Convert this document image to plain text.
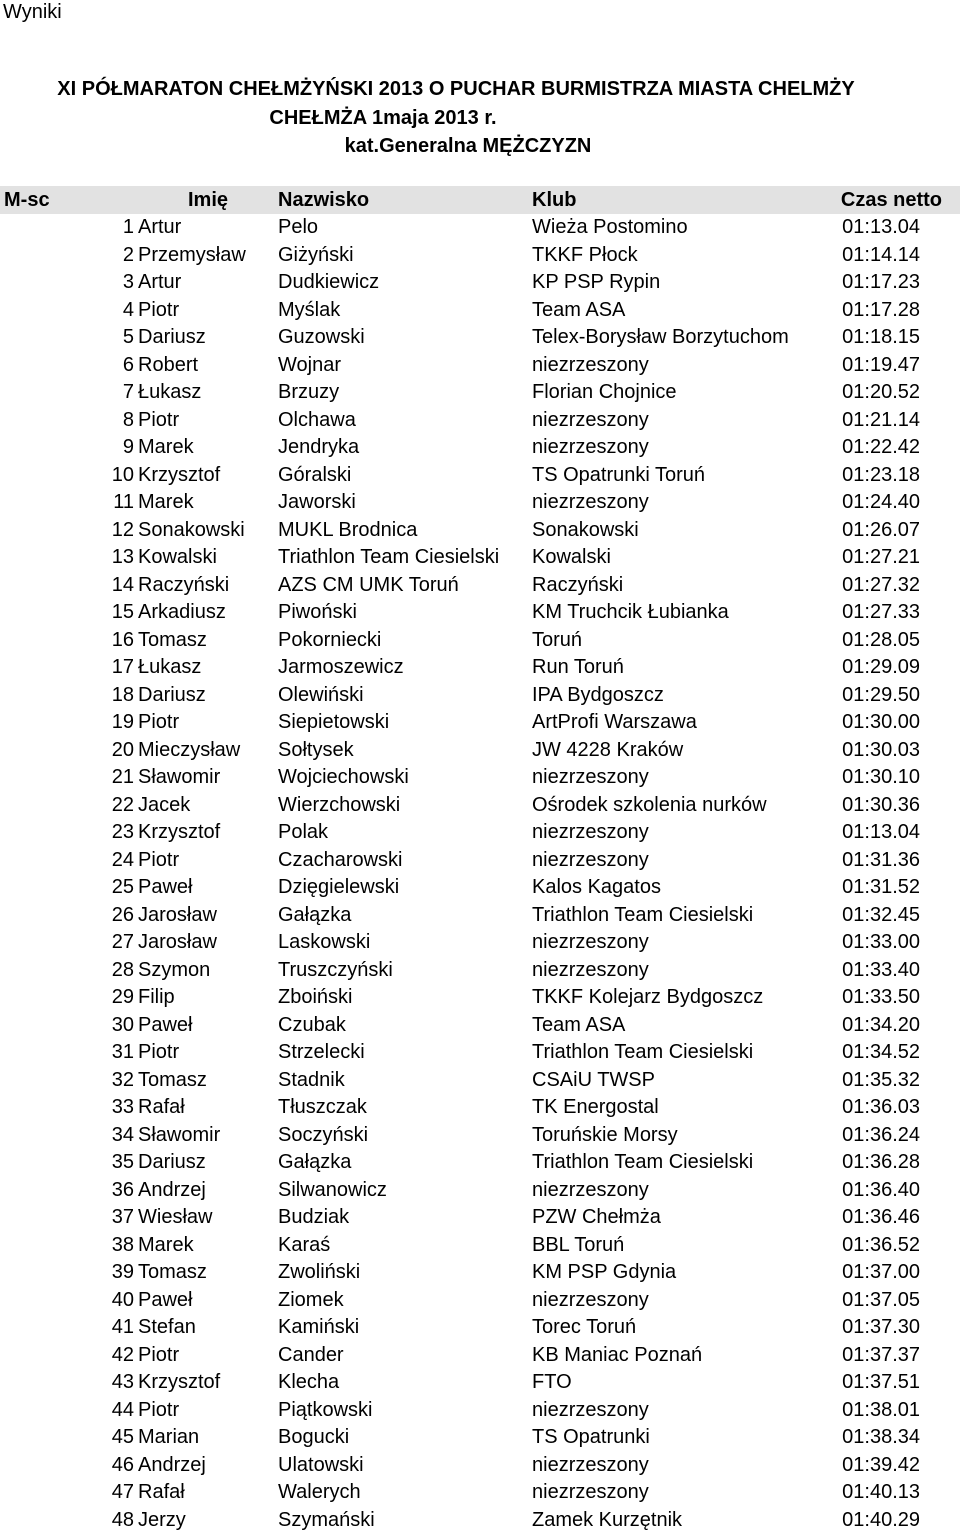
Wyniki
XI PÓŁMARATON CHEŁMŻYŃSKI 2013 O PUCHAR BURMISTRZA MIASTA CHELMŻY
CHEŁMŻA 1maja 2013 r.
kat.Generalna MĘŻCZYZN
M-sc	Imię	Nazwisko	Klub	Czas netto
1	Artur	Pelo	Wieża Postomino	01:13.04
2	Przemysław	Giżyński	TKKF Płock	01:14.14
3	Artur	Dudkiewicz	KP PSP Rypin	01:17.23
4	Piotr	Myślak	Team ASA	01:17.28
5	Dariusz	Guzowski	Telex-Borysław Borzytuchom	01:18.15
6	Robert	Wojnar	niezrzeszony	01:19.47
7	Łukasz	Brzuzy	Florian Chojnice	01:20.52
8	Piotr	Olchawa	niezrzeszony	01:21.14
9	Marek	Jendryka	niezrzeszony	01:22.42
10	Krzysztof	Góralski	TS Opatrunki Toruń	01:23.18
11	Marek	Jaworski	niezrzeszony	01:24.40
12	Sonakowski	MUKL Brodnica	Sonakowski	01:26.07
13	Kowalski	Triathlon Team Ciesielski	Kowalski	01:27.21
14	Raczyński	AZS CM UMK Toruń	Raczyński	01:27.32
15	Arkadiusz	Piwoński	KM Truchcik Łubianka	01:27.33
16	Tomasz	Pokorniecki	Toruń	01:28.05
17	Łukasz	Jarmoszewicz	Run Toruń	01:29.09
18	Dariusz	Olewiński	IPA Bydgoszcz	01:29.50
19	Piotr	Siepietowski	ArtProfi Warszawa	01:30.00
20	Mieczysław	Sołtysek	JW 4228 Kraków	01:30.03
21	Sławomir	Wojciechowski	niezrzeszony	01:30.10
22	Jacek	Wierzchowski	Ośrodek szkolenia nurków	01:30.36
23	Krzysztof	Polak	niezrzeszony	01:13.04
24	Piotr	Czacharowski	niezrzeszony	01:31.36
25	Paweł	Dzięgielewski	Kalos Kagatos	01:31.52
26	Jarosław	Gałązka	Triathlon Team Ciesielski	01:32.45
27	Jarosław	Laskowski	niezrzeszony	01:33.00
28	Szymon	Truszczyński	niezrzeszony	01:33.40
29	Filip	Zboiński	TKKF Kolejarz Bydgoszcz	01:33.50
30	Paweł	Czubak	Team ASA	01:34.20
31	Piotr	Strzelecki	Triathlon Team Ciesielski	01:34.52
32	Tomasz	Stadnik	CSAiU TWSP	01:35.32
33	Rafał	Tłuszczak	TK Energostal	01:36.03
34	Sławomir	Soczyński	Toruńskie Morsy	01:36.24
35	Dariusz	Gałązka	Triathlon Team Ciesielski	01:36.28
36	Andrzej	Silwanowicz	niezrzeszony	01:36.40
37	Wiesław	Budziak	PZW Chełmża	01:36.46
38	Marek	Karaś	BBL Toruń	01:36.52
39	Tomasz	Zwoliński	KM PSP Gdynia	01:37.00
40	Paweł	Ziomek	niezrzeszony	01:37.05
41	Stefan	Kamiński	Torec Toruń	01:37.30
42	Piotr	Cander	KB Maniac Poznań	01:37.37
43	Krzysztof	Klecha	FTO	01:37.51
44	Piotr	Piątkowski	niezrzeszony	01:38.01
45	Marian	Bogucki	TS Opatrunki	01:38.34
46	Andrzej	Ulatowski	niezrzeszony	01:39.42
47	Rafał	Walerych	niezrzeszony	01:40.13
48	Jerzy	Szymański	Zamek Kurzętnik	01:40.29
